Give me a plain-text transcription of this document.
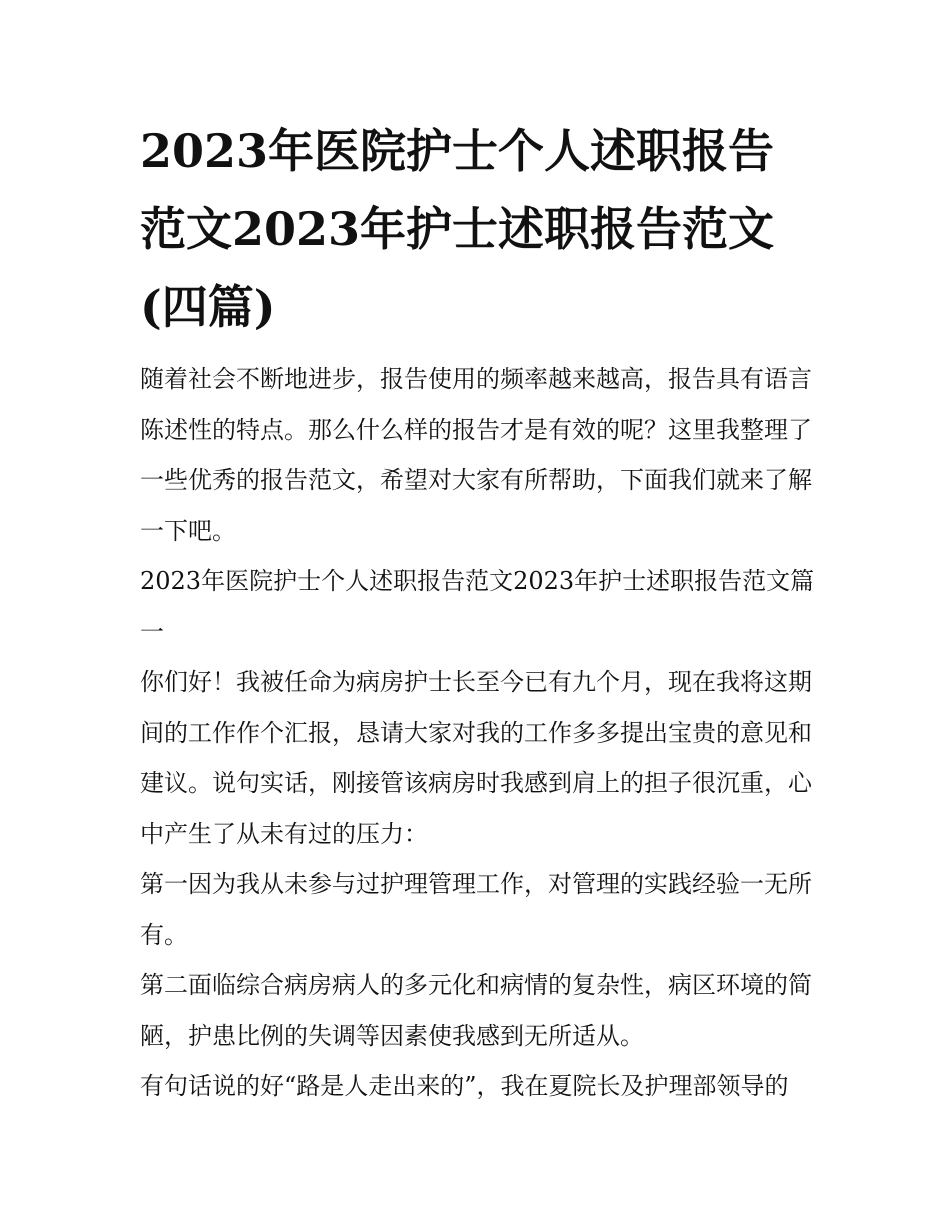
2023年医院护士个人述职报告范文2023年护士述职报告范文(四篇)

随着社会不断地进步，报告使用的频率越来越高，报告具有语言陈述性的特点。那么什么样的报告才是有效的呢？这里我整理了一些优秀的报告范文，希望对大家有所帮助，下面我们就来了解一下吧。

2023年医院护士个人述职报告范文2023年护士述职报告范文篇一

你们好！我被任命为病房护士长至今已有九个月，现在我将这期间的工作作个汇报，恳请大家对我的工作多多提出宝贵的意见和建议。说句实话，刚接管该病房时我感到肩上的担子很沉重，心中产生了从未有过的压力：

第一因为我从未参与过护理管理工作，对管理的实践经验一无所有。

第二面临综合病房病人的多元化和病情的复杂性，病区环境的简陋，护患比例的失调等因素使我感到无所适从。

有句话说的好“路是人走出来的”，我在夏院长及护理部领导的
